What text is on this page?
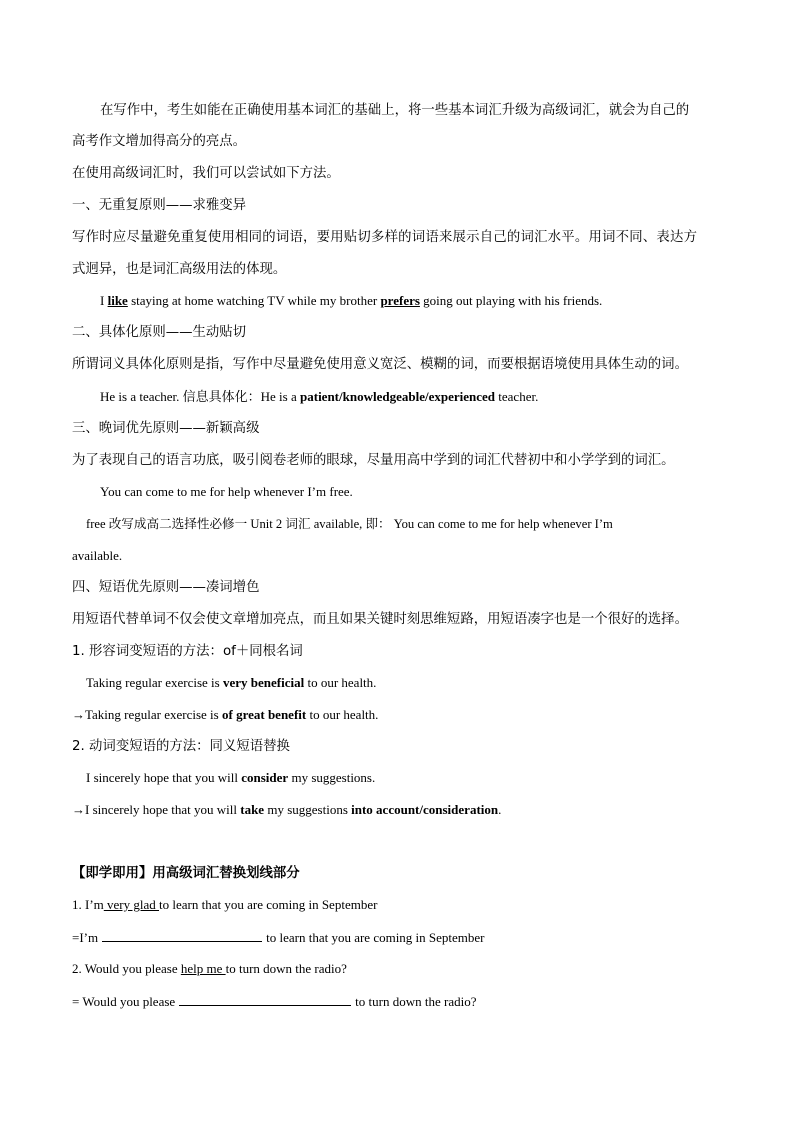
在写作中，考生如能在正确使用基本词汇的基础上，将一些基本词汇升级为高级词汇，就会为自己的
高考作文增加得高分的亮点。
在使用高级词汇时，我们可以尝试如下方法。
一、无重复原则——求雅变异
写作时应尽量避免重复使用相同的词语，要用贴切多样的词语来展示自己的词汇水平。用词不同、表达方
式迥异，也是词汇高级用法的体现。
I like staying at home watching TV while my brother prefers going out playing with his friends.
二、具体化原则——生动贴切
所谓词义具体化原则是指，写作中尽量避免使用意义宽泛、模糊的词，而要根据语境使用具体生动的词。
He is a teacher. 信息具体化：He is a patient/knowledgeable/experienced teacher.
三、晚词优先原则——新颖高级
为了表现自己的语言功底，吸引阅卷老师的眼球，尽量用高中学到的词汇代替初中和小学学到的词汇。
You can come to me for help whenever I’m free.
free 改写成高二选择性必修一 Unit 2 词汇 available, 即： You can come to me for help whenever I’m
available.
四、短语优先原则——凑词增色
用短语代替单词不仅会使文章增加亮点，而且如果关键时刻思维短路，用短语凑字也是一个很好的选择。
1. 形容词变短语的方法：of＋同根名词
Taking regular exercise is very beneficial to our health.
→Taking regular exercise is of great benefit to our health.
2. 动词变短语的方法：同义短语替换
I sincerely hope that you will consider my suggestions.
→I sincerely hope that you will take my suggestions into account/consideration.
【即学即用】用高级词汇替换划线部分
1. I’m very glad to learn that you are coming in September
=I’m	to learn that you are coming in September
2. Would you please help me to turn down the radio?
= Would you please	to turn down the radio?
